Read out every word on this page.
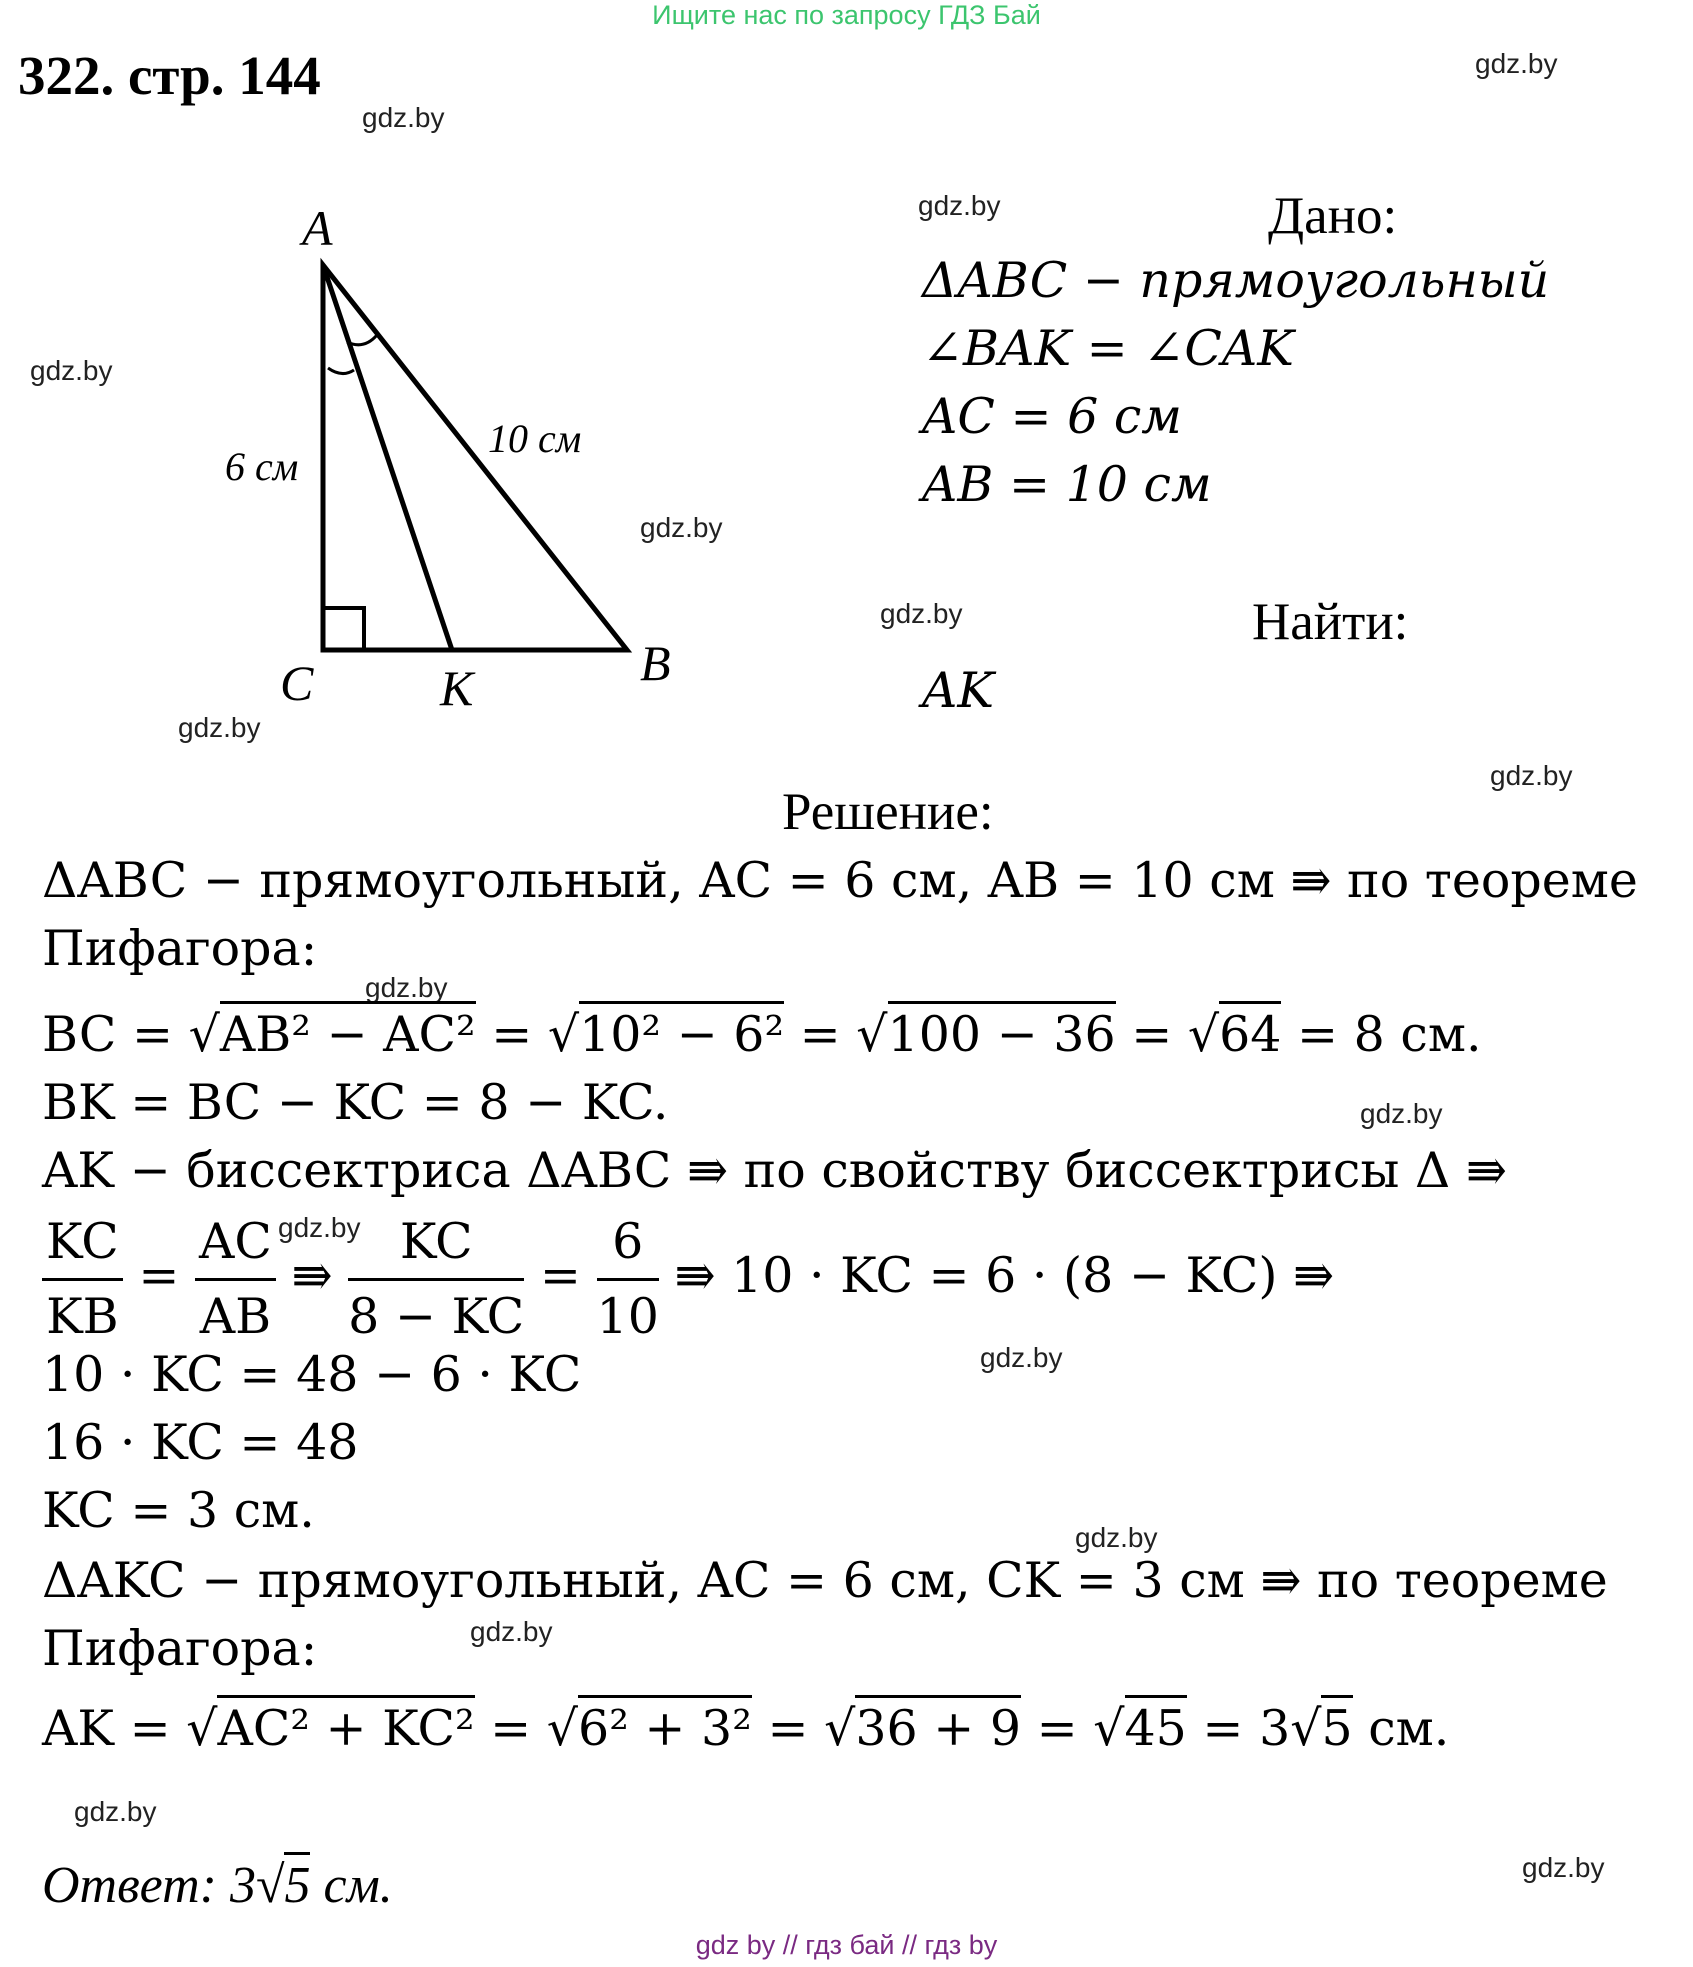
Ищите нас по запросу ГДЗ Бай
322. стр. 144	gdz.by
gdz.by
gdz.by
gdz.by
gdz.by
gdz.by
gdz.by
gdz.by
gdz.by
gdz.by
gdz.by
gdz.by
gdz.by
gdz.by
gdz.by
gdz.by
A
C	K	B
6 см
10 см
Дано:
ΔABC − прямоугольный
∠BAK = ∠CAK
AC = 6 см
AB = 10 см
Найти:
AK
Решение:
ΔABC − прямоугольный, AC = 6 см, AB = 10 см ⇛ по теореме
Пифагора:
BC = √AB² − AC² = √10² − 6² = √100 − 36 = √64 = 8 см.
BK = BC − KC = 8 − KC.
AK − биссектриса ΔABC ⇛ по свойству биссектрисы Δ ⇛
$\frac{KC}{KB} = \frac{AC}{AB}$ ⇛ $\frac{KC}{8 - KC} = \frac{6}{10}$ ⇛ 10 · KC = 6 · (8 − KC) ⇛
10 · KC = 48 − 6 · KC
16 · KC = 48
KC = 3 см.
ΔAKC − прямоугольный, AC = 6 см, CK = 3 см ⇛ по теореме
Пифагора:
AK = √AC² + KC² = √6² + 3² = √36 + 9 = √45 = 3√5 см.
Ответ: 3√5 см.
gdz by // гдз бай // гдз by
